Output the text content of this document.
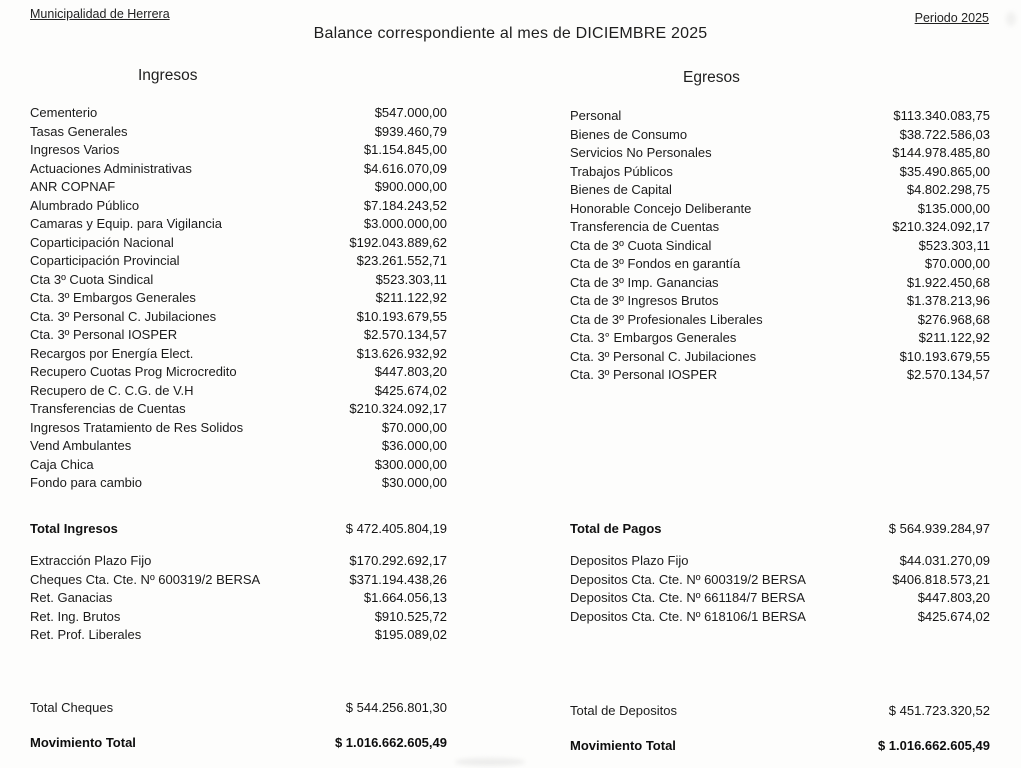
Municipalidad de Herrera	Periodo 2025
Balance correspondiente al mes de DICIEMBRE 2025
Ingresos	Egresos
Cementerio	$547.000,00
Tasas Generales	$939.460,79
Ingresos Varios	$1.154.845,00
Actuaciones Administrativas	$4.616.070,09
ANR COPNAF	$900.000,00
Alumbrado Público	$7.184.243,52
Camaras y Equip. para Vigilancia	$3.000.000,00
Coparticipación Nacional	$192.043.889,62
Coparticipación Provincial	$23.261.552,71
Cta 3º Cuota Sindical	$523.303,11
Cta. 3º Embargos Generales	$211.122,92
Cta. 3º Personal C. Jubilaciones	$10.193.679,55
Cta. 3º Personal IOSPER	$2.570.134,57
Recargos por Energía Elect.	$13.626.932,92
Recupero Cuotas Prog Microcredito	$447.803,20
Recupero de C. C.G. de V.H	$425.674,02
Transferencias de Cuentas	$210.324.092,17
Ingresos Tratamiento de Res Solidos	$70.000,00
Vend Ambulantes	$36.000,00
Caja Chica	$300.000,00
Fondo para cambio	$30.000,00
Total Ingresos	$ 472.405.804,19
Extracción Plazo Fijo	$170.292.692,17
Cheques Cta. Cte. Nº 600319/2 BERSA	$371.194.438,26
Ret. Ganacias	$1.664.056,13
Ret. Ing. Brutos	$910.525,72
Ret. Prof. Liberales	$195.089,02
Total Cheques	$ 544.256.801,30
Movimiento Total	$ 1.016.662.605,49
Personal	$113.340.083,75
Bienes de Consumo	$38.722.586,03
Servicios No Personales	$144.978.485,80
Trabajos Públicos	$35.490.865,00
Bienes de Capital	$4.802.298,75
Honorable Concejo Deliberante	$135.000,00
Transferencia de Cuentas	$210.324.092,17
Cta de 3º Cuota Sindical	$523.303,11
Cta de 3º Fondos en garantía	$70.000,00
Cta de 3º Imp. Ganancias	$1.922.450,68
Cta de 3º Ingresos Brutos	$1.378.213,96
Cta de 3º Profesionales Liberales	$276.968,68
Cta. 3° Embargos Generales	$211.122,92
Cta. 3º Personal C. Jubilaciones	$10.193.679,55
Cta. 3º Personal IOSPER	$2.570.134,57
Total de Pagos	$ 564.939.284,97
Depositos Plazo Fijo	$44.031.270,09
Depositos Cta. Cte. Nº 600319/2 BERSA	$406.818.573,21
Depositos Cta. Cte. Nº 661184/7 BERSA	$447.803,20
Depositos Cta. Cte. Nº 618106/1 BERSA	$425.674,02
Total de Depositos	$ 451.723.320,52
Movimiento Total	$ 1.016.662.605,49
